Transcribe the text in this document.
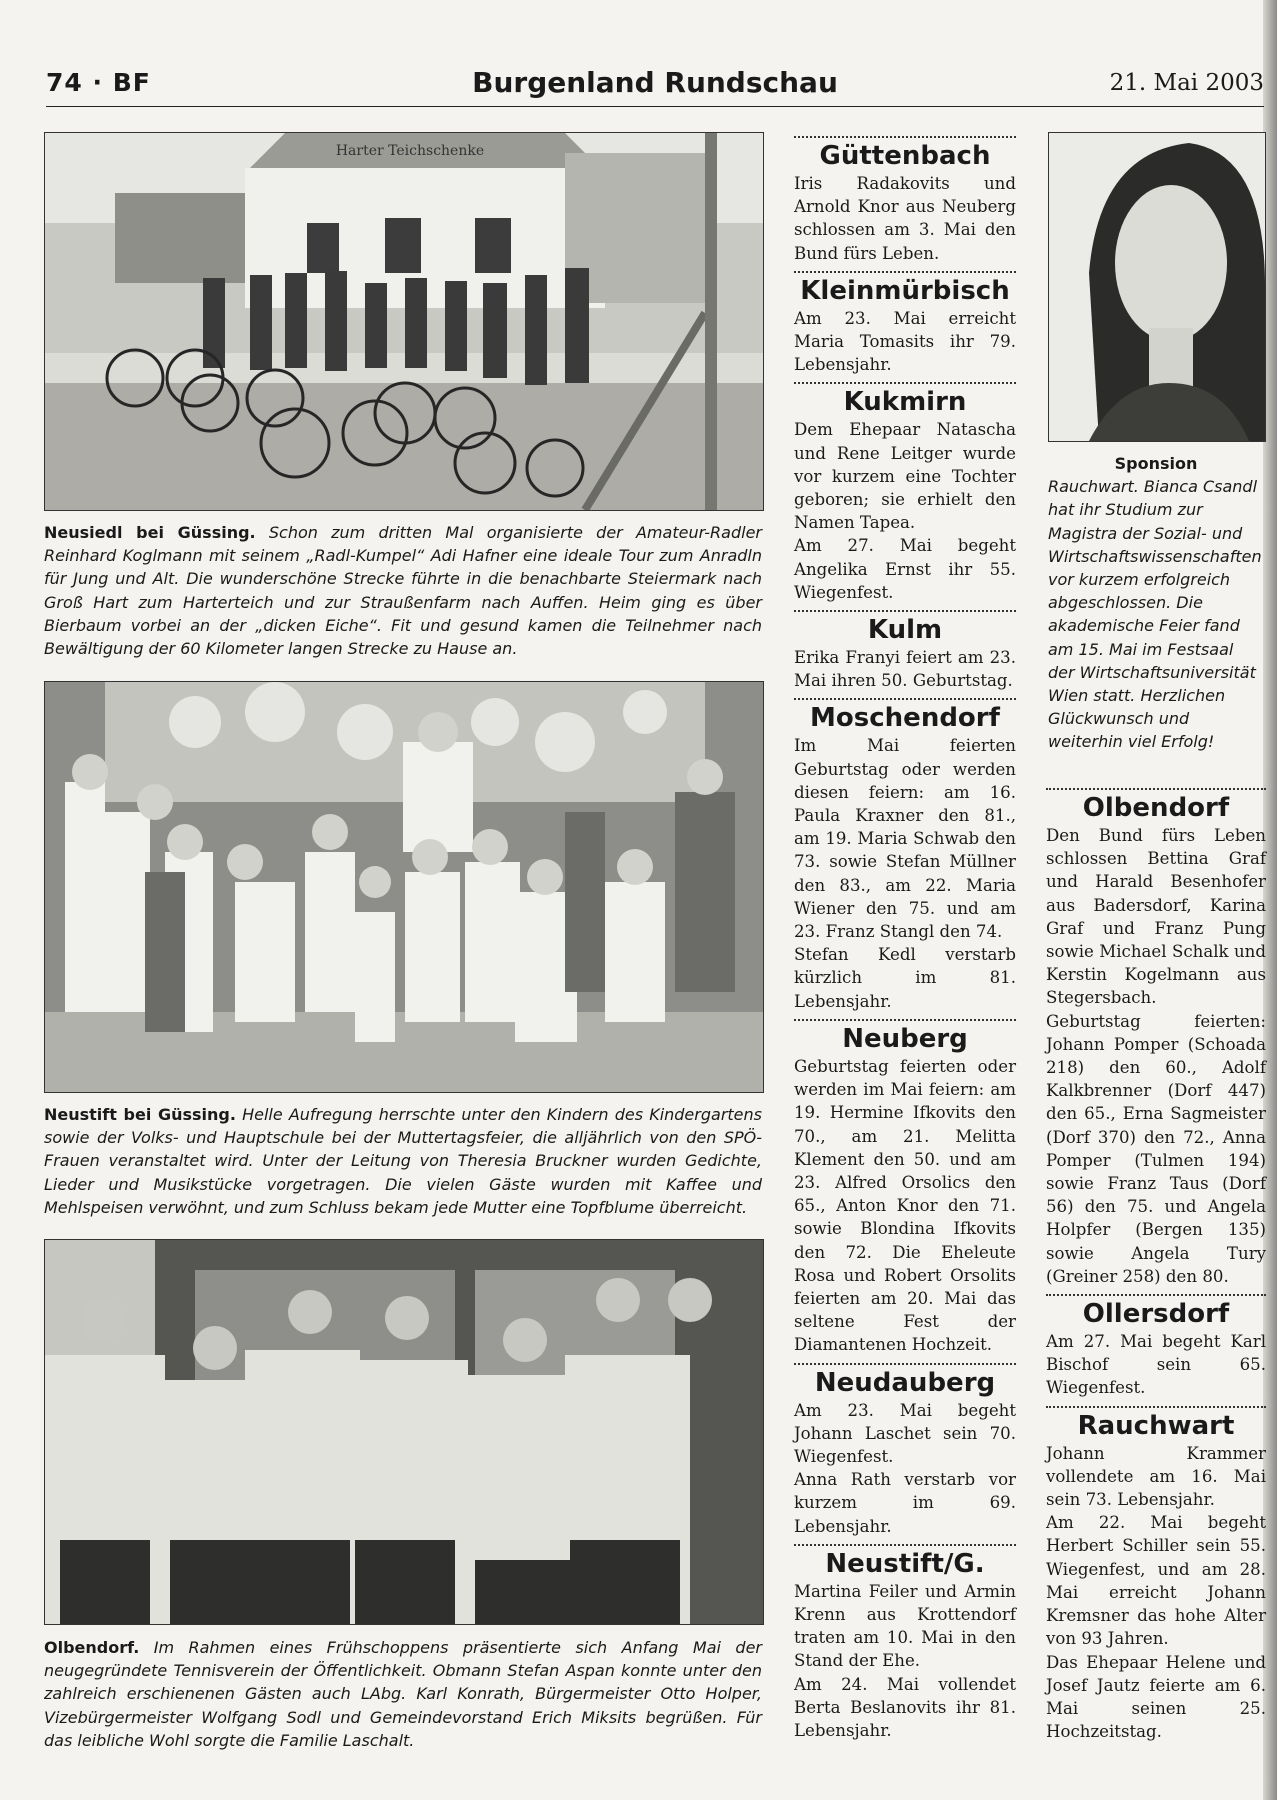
74 · BF	Burgenland Rundschau	21. Mai 2003
Harter Teichschenke
Neusiedl bei Güssing. Schon zum dritten Mal organisierte der Amateur-Radler Reinhard Koglmann mit seinem „Radl-Kumpel“ Adi Hafner eine ideale Tour zum Anradln für Jung und Alt. Die wunderschöne Strecke führte in die benachbarte Steiermark nach Groß Hart zum Harterteich und zur Straußenfarm nach Auffen. Heim ging es über Bierbaum vorbei an der „dicken Eiche“. Fit und gesund kamen die Teilnehmer nach Bewältigung der 60 Kilometer langen Strecke zu Hause an.
Neustift bei Güssing. Helle Aufregung herrschte unter den Kindern des Kindergartens sowie der Volks- und Hauptschule bei der Muttertagsfeier, die alljährlich von den SPÖ-Frauen veranstaltet wird. Unter der Leitung von Theresia Bruckner wurden Gedichte, Lieder und Musikstücke vorgetragen. Die vielen Gäste wurden mit Kaffee und Mehlspeisen verwöhnt, und zum Schluss bekam jede Mutter eine Topfblume überreicht.
Olbendorf. Im Rahmen eines Frühschoppens präsentierte sich Anfang Mai der neugegründete Tennisverein der Öffentlichkeit. Obmann Stefan Aspan konnte unter den zahlreich erschienenen Gästen auch LAbg. Karl Konrath, Bürgermeister Otto Holper, Vizebürgermeister Wolfgang Sodl und Gemeindevorstand Erich Miksits begrüßen. Für das leibliche Wohl sorgte die Familie Laschalt.
Güttenbach

Iris Radakovits und Arnold Knor aus Neuberg schlossen am 3. Mai den Bund fürs Leben.

Kleinmürbisch

Am 23. Mai erreicht Maria Tomasits ihr 79. Lebensjahr.

Kukmirn

Dem Ehepaar Natascha und Rene Leitger wurde vor kurzem eine Tochter geboren; sie erhielt den Namen Tapea.

Am 27. Mai begeht Angelika Ernst ihr 55. Wiegenfest.

Kulm

Erika Franyi feiert am 23. Mai ihren 50. Geburtstag.

Moschendorf

Im Mai feierten Geburtstag oder werden diesen feiern: am 16. Paula Kraxner den 81., am 19. Maria Schwab den 73. sowie Stefan Müllner den 83., am 22. Maria Wiener den 75. und am 23. Franz Stangl den 74.

Stefan Kedl verstarb kürzlich im 81. Lebensjahr.

Neuberg

Geburtstag feierten oder werden im Mai feiern: am 19. Hermine Ifkovits den 70., am 21. Melitta Klement den 50. und am 23. Alfred Orsolics den 65., Anton Knor den 71. sowie Blondina Ifkovits den 72. Die Eheleute Rosa und Robert Orsolits feierten am 20. Mai das seltene Fest der Diamantenen Hochzeit.

Neudauberg

Am 23. Mai begeht Johann Laschet sein 70. Wiegenfest.

Anna Rath verstarb vor kurzem im 69. Lebensjahr.

Neustift/G.

Martina Feiler und Armin Krenn aus Krottendorf traten am 10. Mai in den Stand der Ehe.

Am 24. Mai vollendet Berta Beslanovits ihr 81. Lebensjahr.

Sponsion

Rauchwart. Bianca Csandl hat ihr Studium zur Magistra der Sozial- und Wirtschaftswissenschaften vor kurzem erfolgreich abgeschlossen. Die akademische Feier fand am 15. Mai im Festsaal der Wirtschaftsuniversität Wien statt. Herzlichen Glückwunsch und weiterhin viel Erfolg!

Olbendorf

Den Bund fürs Leben schlossen Bettina Graf und Harald Besenhofer aus Badersdorf, Karina Graf und Franz Pung sowie Michael Schalk und Kerstin Kogelmann aus Stegersbach.

Geburtstag feierten: Johann Pomper (Schoada 218) den 60., Adolf Kalkbrenner (Dorf 447) den 65., Erna Sagmeister (Dorf 370) den 72., Anna Pomper (Tulmen 194) sowie Franz Taus (Dorf 56) den 75. und Angela Holpfer (Bergen 135) sowie Angela Tury (Greiner 258) den 80.

Ollersdorf

Am 27. Mai begeht Karl Bischof sein 65. Wiegenfest.

Rauchwart

Johann Krammer vollendete am 16. Mai sein 73. Lebensjahr.

Am 22. Mai begeht Herbert Schiller sein 55. Wiegenfest, und am 28. Mai erreicht Johann Kremsner das hohe Alter von 93 Jahren.

Das Ehepaar Helene und Josef Jautz feierte am 6. Mai seinen 25. Hochzeitstag.
